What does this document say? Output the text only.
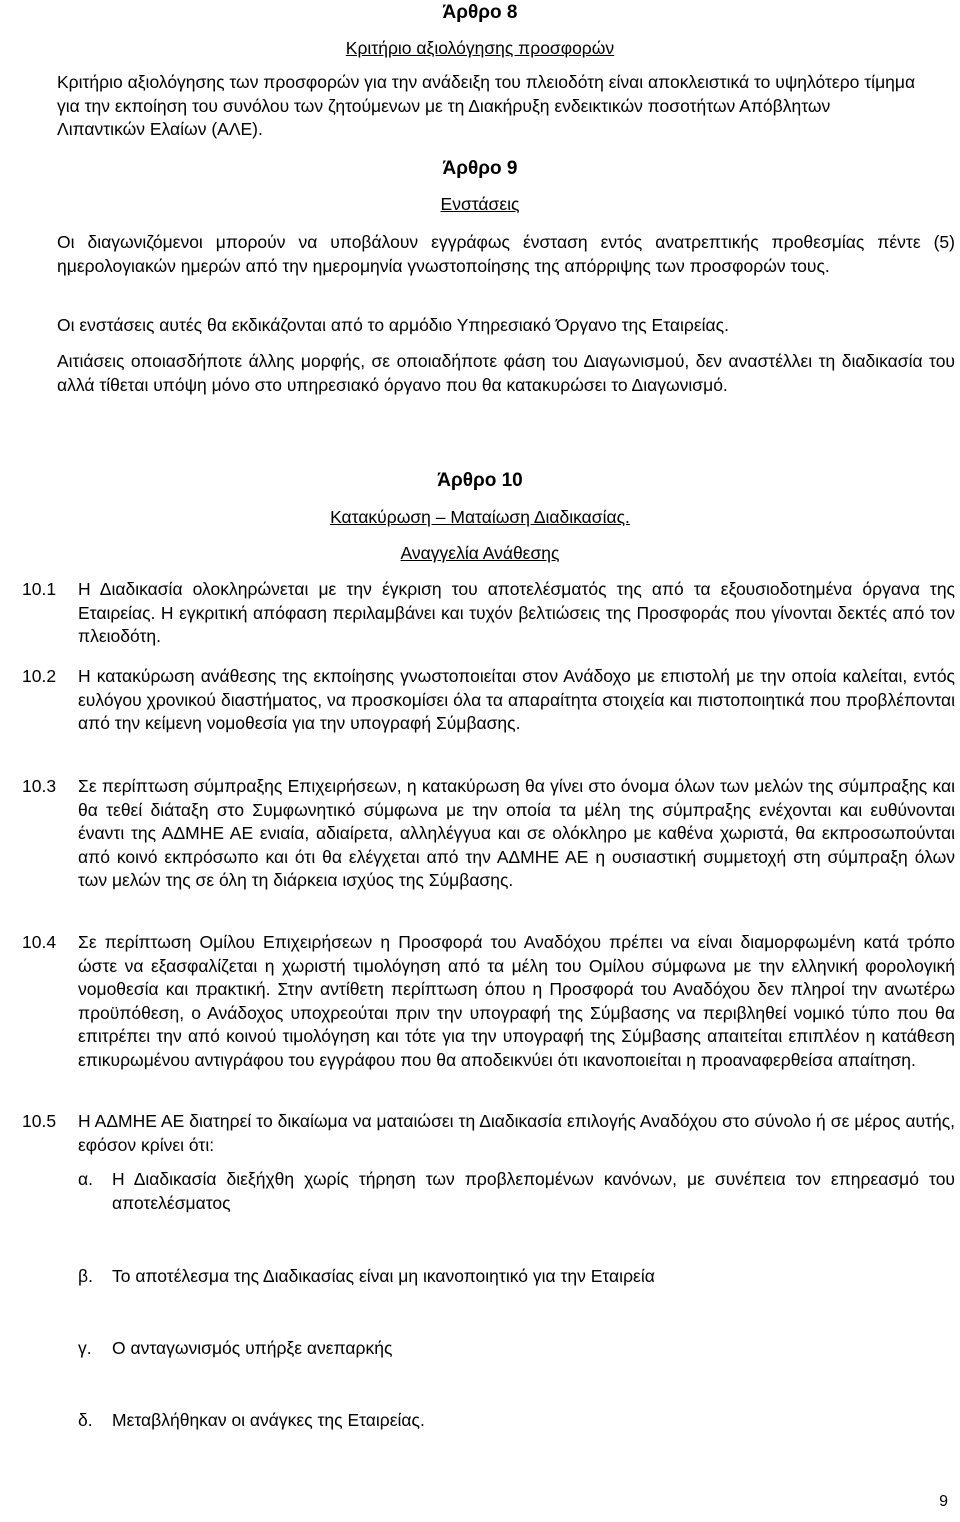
Άρθρο 8
Κριτήριο αξιολόγησης προσφορών
Κριτήριο αξιολόγησης των προσφορών για την ανάδειξη του πλειοδότη είναι αποκλειστικά το υψηλότερο τίμημα για την εκποίηση του συνόλου των ζητούμενων με τη Διακήρυξη ενδεικτικών ποσοτήτων Απόβλητων Λιπαντικών Ελαίων (ΑΛΕ).
Άρθρο 9
Ενστάσεις
Οι διαγωνιζόμενοι μπορούν να υποβάλουν εγγράφως ένσταση εντός ανατρεπτικής προθεσμίας πέντε (5) ημερολογιακών ημερών από την ημερομηνία γνωστοποίησης της απόρριψης των προσφορών τους.
Οι ενστάσεις αυτές θα εκδικάζονται από το αρμόδιο Υπηρεσιακό Όργανο της Εταιρείας.
Αιτιάσεις οποιασδήποτε άλλης μορφής, σε οποιαδήποτε φάση του Διαγωνισμού, δεν αναστέλλει τη διαδικασία του αλλά τίθεται υπόψη μόνο στο υπηρεσιακό όργανο που θα κατακυρώσει το Διαγωνισμό.
Άρθρο 10
Κατακύρωση – Ματαίωση Διαδικασίας.
Αναγγελία Ανάθεσης
10.1 Η Διαδικασία ολοκληρώνεται με την έγκριση του αποτελέσματός της από τα εξουσιοδοτημένα όργανα της Εταιρείας. Η εγκριτική απόφαση περιλαμβάνει και τυχόν βελτιώσεις της Προσφοράς που γίνονται δεκτές από τον πλειοδότη.
10.2 Η κατακύρωση ανάθεσης της εκποίησης γνωστοποιείται στον Ανάδοχο με επιστολή με την οποία καλείται, εντός ευλόγου χρονικού διαστήματος, να προσκομίσει όλα τα απαραίτητα στοιχεία και πιστοποιητικά που προβλέπονται από την κείμενη νομοθεσία για την υπογραφή Σύμβασης.
10.3 Σε περίπτωση σύμπραξης Επιχειρήσεων, η κατακύρωση θα γίνει στο όνομα όλων των μελών της σύμπραξης και θα τεθεί διάταξη στο Συμφωνητικό σύμφωνα με την οποία τα μέλη της σύμπραξης ενέχονται και ευθύνονται έναντι της ΑΔΜΗΕ ΑΕ ενιαία, αδιαίρετα, αλληλέγγυα και σε ολόκληρο με καθένα χωριστά, θα εκπροσωπούνται από κοινό εκπρόσωπο και ότι θα ελέγχεται από την ΑΔΜΗΕ ΑΕ η ουσιαστική συμμετοχή στη σύμπραξη όλων των μελών της σε όλη τη διάρκεια ισχύος της Σύμβασης.
10.4 Σε περίπτωση Ομίλου Επιχειρήσεων η Προσφορά του Αναδόχου πρέπει να είναι διαμορφωμένη κατά τρόπο ώστε να εξασφαλίζεται η χωριστή τιμολόγηση από τα μέλη του Ομίλου σύμφωνα με την ελληνική φορολογική νομοθεσία και πρακτική. Στην αντίθετη περίπτωση όπου η Προσφορά του Αναδόχου δεν πληροί την ανωτέρω προϋπόθεση, ο Ανάδοχος υποχρεούται πριν την υπογραφή της Σύμβασης να περιβληθεί νομικό τύπο που θα επιτρέπει την από κοινού τιμολόγηση και τότε για την υπογραφή της Σύμβασης απαιτείται επιπλέον η κατάθεση επικυρωμένου αντιγράφου του εγγράφου που θα αποδεικνύει ότι ικανοποιείται η προαναφερθείσα απαίτηση.
10.5 Η ΑΔΜΗΕ ΑΕ διατηρεί το δικαίωμα να ματαιώσει τη Διαδικασία επιλογής Αναδόχου στο σύνολο ή σε μέρος αυτής, εφόσον κρίνει ότι:
α. Η Διαδικασία διεξήχθη χωρίς τήρηση των προβλεπομένων κανόνων, με συνέπεια τον επηρεασμό του αποτελέσματος
β. Το αποτέλεσμα της Διαδικασίας είναι μη ικανοποιητικό για την Εταιρεία
γ. Ο ανταγωνισμός υπήρξε ανεπαρκής
δ. Μεταβλήθηκαν οι ανάγκες της Εταιρείας.
9
